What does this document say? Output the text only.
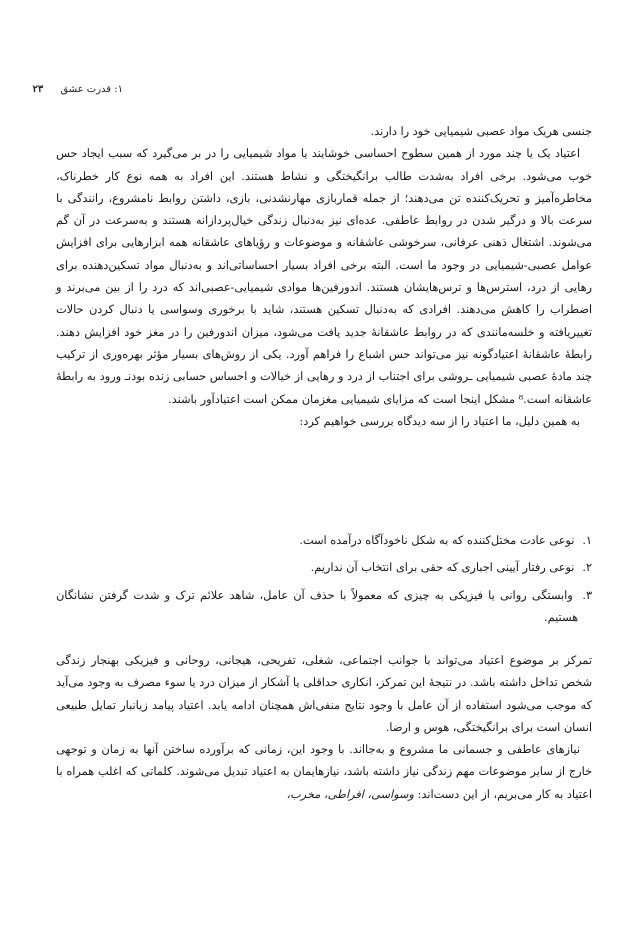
۱: قدرت عشق ۲۳

جنسی هریک مواد عصبی شیمیایی خود را دارند.

اعتیاد یک یا چند مورد از همین سطوح احساسی خوشایند یا مواد شیمیایی را در بر می‌گیرد که سبب ایجاد حس خوب می‌شود. برخی افراد به‌شدت طالب برانگیختگی و نشاط هستند. این افراد به همه نوع کار خطرناک، مخاطره‌آمیز و تحریک‌کننده تن می‌دهند؛ از جمله قماربازی مهارنشدنی، بازی، داشتن روابط نامشروع، رانندگی با سرعت بالا و درگیر شدن در روابط عاطفی. عده‌ای نیز به‌دنبال زندگی خیال‌پردازانه هستند و به‌سرعت در آن گم می‌شوند. اشتغال ذهنی عرفانی، سرخوشی عاشقانه و موضوعات و رؤیاهای عاشقانه همه ابزارهایی برای افزایش عوامل عصبی-شیمیایی در وجود ما است. البته برخی افراد بسیار احساساتی‌اند و به‌دنبال مواد تسکین‌دهنده برای رهایی از درد، استرس‌ها و ترس‌هایشان هستند. اندورفین‌ها موادی شیمیایی-عصبی‌اند که درد را از بین می‌برند و اضطراب را کاهش می‌دهند. افرادی که به‌دنبال تسکین هستند، شاید با برخوری وسواسی یا دنبال کردن حالات تغییریافته و خلسه‌مانندی که در روابط عاشقانهٔ جدید یافت می‌شود، میزان اندورفین را در مغز خود افزایش دهند. رابطهٔ عاشقانهٔ اعتیادگونه نیز می‌تواند حس اشباع را فراهم آورد. یکی از روش‌های بسیار مؤثر بهره‌وری از ترکیب چند مادهٔ عصبی شیمیایی ـروشی برای اجتناب از درد و رهایی از خیالات و احساس حسابی زنده بودنـ ورود به رابطهٔ عاشقانه است.⁸ مشکل اینجا است که مزایای شیمیایی مغزمان ممکن است اعتیادآور باشند.

به همین دلیل، ما اعتیاد را از سه دیدگاه بررسی خواهیم کرد:

۱. نوعی عادت مختل‌کننده که به شکل ناخودآگاه درآمده است.
۲. نوعی رفتار آیینی اجباری که حقی برای انتخاب آن نداریم.
۳. وابستگی روانی یا فیزیکی به چیزی که معمولاً با حذف آن عامل، شاهد علائم ترک و شدت گرفتن نشانگان هستیم.

تمرکز بر موضوع اعتیاد می‌تواند با جوانب اجتماعی، شغلی، تفریحی، هیجانی، روحانی و فیزیکی بهنجار زندگی شخص تداخل داشته باشد. در نتیجهٔ این تمرکز، انکاری حداقلی یا آشکار از میزان درد یا سوء مصرف به وجود می‌آید که موجب می‌شود استفاده از آن عامل با وجود نتایج منفی‌اش همچنان ادامه یابد. اعتیاد پیامد زیانبار تمایل طبیعی انسان است برای برانگیختگی، هوس و ارضا.

نیازهای عاطفی و جسمانی ما مشروع و به‌جااند. با وجود این، زمانی که برآورده ساختن آنها به زمان و توجهی خارج از سایر موضوعات مهم زندگی نیاز داشته باشد، نیازهایمان به اعتیاد تبدیل می‌شوند. کلماتی که اغلب همراه با اعتیاد به کار می‌بریم، از این دست‌اند: وسواسی، افراطی، مخرب،
